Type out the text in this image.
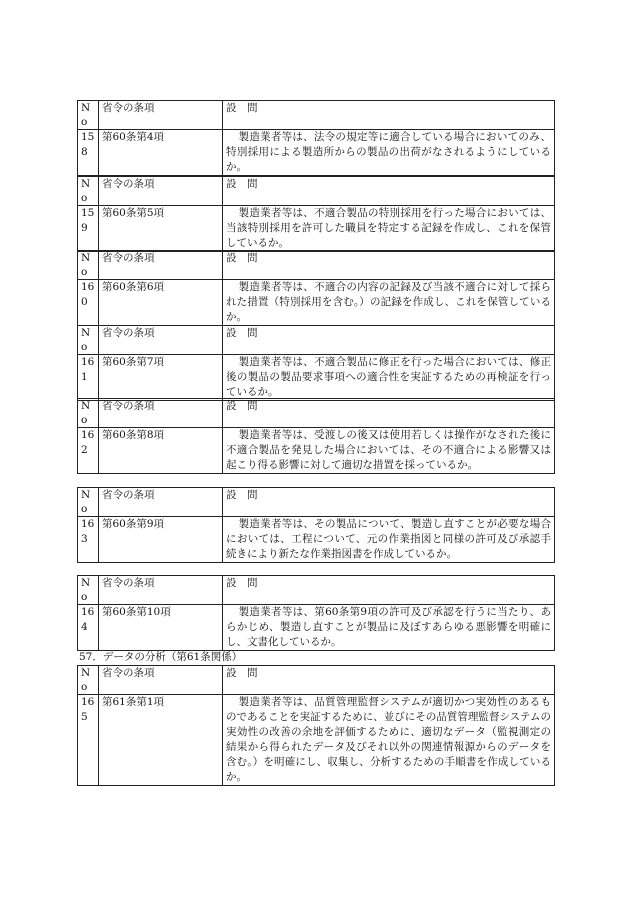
No	省令の条項	設　問
158	第60条第4項	製造業者等は、法令の規定等に適合している場合においてのみ、特別採用による製造所からの製品の出荷がなされるようにしているか。
No	省令の条項	設　問
159	第60条第5項	製造業者等は、不適合製品の特別採用を行った場合においては、当該特別採用を許可した職員を特定する記録を作成し、これを保管しているか。
No	省令の条項	設　問
160	第60条第6項	製造業者等は、不適合の内容の記録及び当該不適合に対して採られた措置（特別採用を含む。）の記録を作成し、これを保管しているか。
No	省令の条項	設　問
161	第60条第7項	製造業者等は、不適合製品に修正を行った場合においては、修正後の製品の製品要求事項への適合性を実証するための再検証を行っているか。
No	省令の条項	設　問
162	第60条第8項	製造業者等は、受渡しの後又は使用若しくは操作がなされた後に不適合製品を発見した場合においては、その不適合による影響又は起こり得る影響に対して適切な措置を採っているか。
No	省令の条項	設　問
163	第60条第9項	製造業者等は、その製品について、製造し直すことが必要な場合においては、工程について、元の作業指図と同様の許可及び承認手続きにより新たな作業指図書を作成しているか。
No	省令の条項	設　問
164	第60条第10項	製造業者等は、第60条第9項の許可及び承認を行うに当たり、あらかじめ、製造し直すことが製品に及ぼすあらゆる悪影響を明確にし、文書化しているか。
57．データの分析（第61条関係）
No	省令の条項	設　問
165	第61条第1項	製造業者等は、品質管理監督システムが適切かつ実効性のあるものであることを実証するために、並びにその品質管理監督システムの実効性の改善の余地を評価するために、適切なデータ（監視測定の結果から得られたデータ及びそれ以外の関連情報源からのデータを含む。）を明確にし、収集し、分析するための手順書を作成しているか。
